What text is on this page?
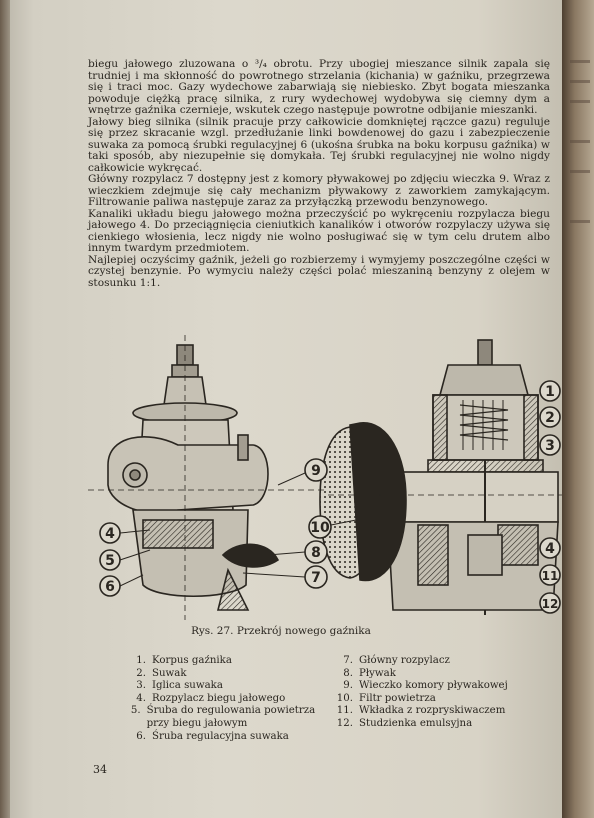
biegu jałowego zluzowana o ³/₄ obrotu. Przy ubogiej mieszance silnik zapala się trudniej i ma skłonność do powrotnego strzelania (kichania) w gaźniku, przegrzewa się i traci moc. Gazy wydechowe zabarwiają się niebiesko. Zbyt bogata mieszanka powoduje ciężką pracę silnika, z rury wydechowej wydobywa się ciemny dym a wnętrze gaźnika czernieje, wskutek czego następuje powrotne odbijanie mieszanki.

Jałowy bieg silnika (silnik pracuje przy całkowicie domkniętej rączce gazu) reguluje się przez skracanie wzgl. przedłużanie linki bowdenowej do gazu i zabezpieczenie suwaka za pomocą śrubki regulacyjnej 6 (ukośna śrubka na boku korpusu gaźnika) w taki sposób, aby niezupełnie się domykała. Tej śrubki regulacyjnej nie wolno nigdy całkowicie wykręcać.

Główny rozpylacz 7 dostępny jest z komory pływakowej po zdjęciu wieczka 9. Wraz z wieczkiem zdejmuje się cały mechanizm pływakowy z zaworkiem zamykającym. Filtrowanie paliwa następuje zaraz za przyłączką przewodu benzynowego.

Kanaliki układu biegu jałowego można przeczyścić po wykręceniu rozpylacza biegu jałowego 4. Do przeciągnięcia cieniutkich kanalików i otworów rozpylaczy używa się cienkiego włosienia, lecz nigdy nie wolno posługiwać się w tym celu drutem albo innym twardym przedmiotem.

Najlepiej oczyścimy gaźnik, jeżeli go rozbierzemy i wymyjemy poszczególne części w czystej benzynie. Po wymyciu należy części polać mieszaniną benzyny z olejem w stosunku 1:1.

4
5
6
9
10
8
7
1
2
3
4
11
12
Rys. 27. Przekrój nowego gaźnika
1. Korpus gaźnika
2. Suwak
3. Iglica suwaka
4. Rozpylacz biegu jałowego
5. Śruba do regulowania powietrza przy biegu jałowym
6. Śruba regulacyjna suwaka
7. Główny rozpylacz
8. Pływak
9. Wieczko komory pływakowej
10. Filtr powietrza
11. Wkładka z rozpryskiwaczem
12. Studzienka emulsyjna
34
